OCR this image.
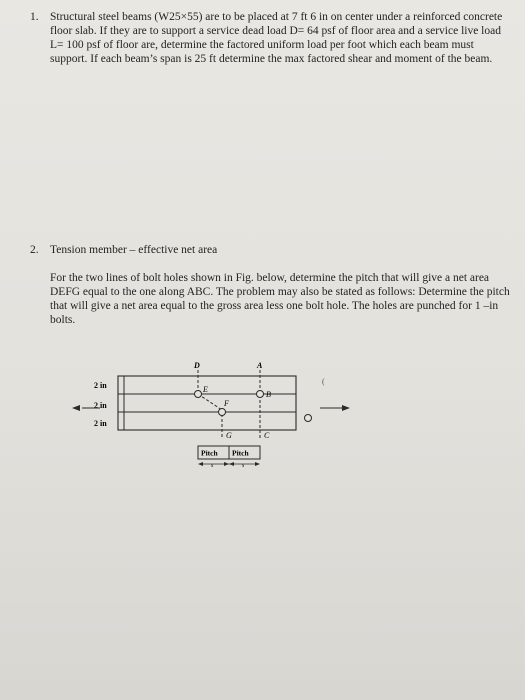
1. Structural steel beams (W25×55) are to be placed at 7 ft 6 in on center under a reinforced concrete floor slab. If they are to support a service dead load D= 64 psf of floor area and a service live load L= 100 psf of floor are, determine the factored uniform load per foot which each beam must support. If each beam’s span is 25 ft determine the max factored shear and moment of the beam.
2. Tension member – effective net area
For the two lines of bolt holes shown in Fig. below, determine the pitch that will give a net area DEFG equal to the one along ABC. The problem may also be stated as follows: Determine the pitch that will give a net area equal to the gross area less one bolt hole. The holes are punched for 1 –in bolts.
2 in
2 in
2 in
(
D	A
E
B
F
G	C
Pitch Pitch
s	s
